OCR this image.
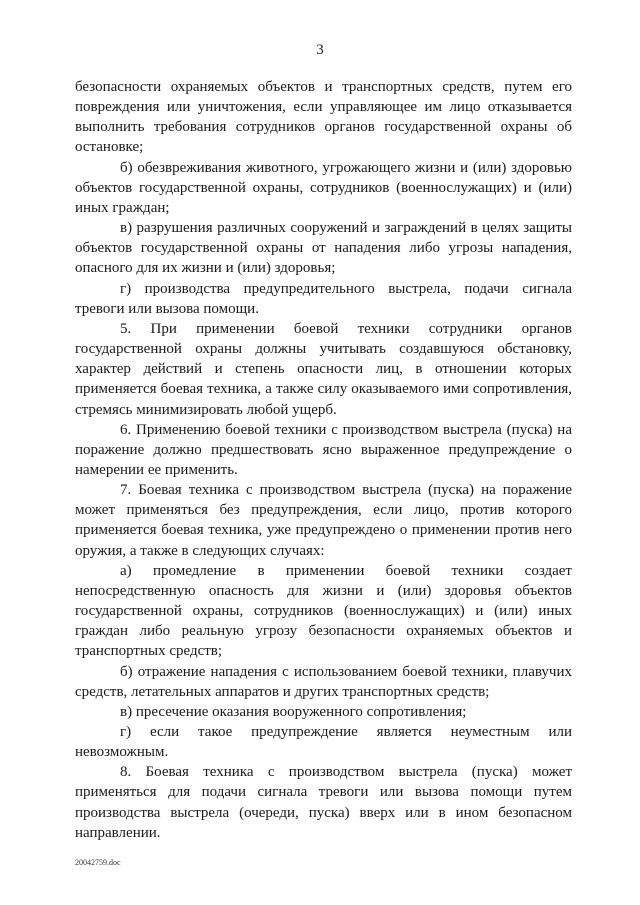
3

безопасности охраняемых объектов и транспортных средств, путем его повреждения или уничтожения, если управляющее им лицо отказывается выполнить требования сотрудников органов государственной охраны об остановке;

б) обезвреживания животного, угрожающего жизни и (или) здоровью объектов государственной охраны, сотрудников (военнослужащих) и (или) иных граждан;

в) разрушения различных сооружений и заграждений в целях защиты объектов государственной охраны от нападения либо угрозы нападения, опасного для их жизни и (или) здоровья;

г) производства предупредительного выстрела, подачи сигнала тревоги или вызова помощи.

5. При применении боевой техники сотрудники органов государственной охраны должны учитывать создавшуюся обстановку, характер действий и степень опасности лиц, в отношении которых применяется боевая техника, а также силу оказываемого ими сопротивления, стремясь минимизировать любой ущерб.

6. Применению боевой техники с производством выстрела (пуска) на поражение должно предшествовать ясно выраженное предупреждение о намерении ее применить.

7. Боевая техника с производством выстрела (пуска) на поражение может применяться без предупреждения, если лицо, против которого применяется боевая техника, уже предупреждено о применении против него оружия, а также в следующих случаях:

а) промедление в применении боевой техники создает непосредственную опасность для жизни и (или) здоровья объектов государственной охраны, сотрудников (военнослужащих) и (или) иных граждан либо реальную угрозу безопасности охраняемых объектов и транспортных средств;

б) отражение нападения с использованием боевой техники, плавучих средств, летательных аппаратов и других транспортных средств;

в) пресечение оказания вооруженного сопротивления;

г) если такое предупреждение является неуместным или невозможным.

8. Боевая техника с производством выстрела (пуска) может применяться для подачи сигнала тревоги или вызова помощи путем производства выстрела (очереди, пуска) вверх или в ином безопасном направлении.

20042759.doc
